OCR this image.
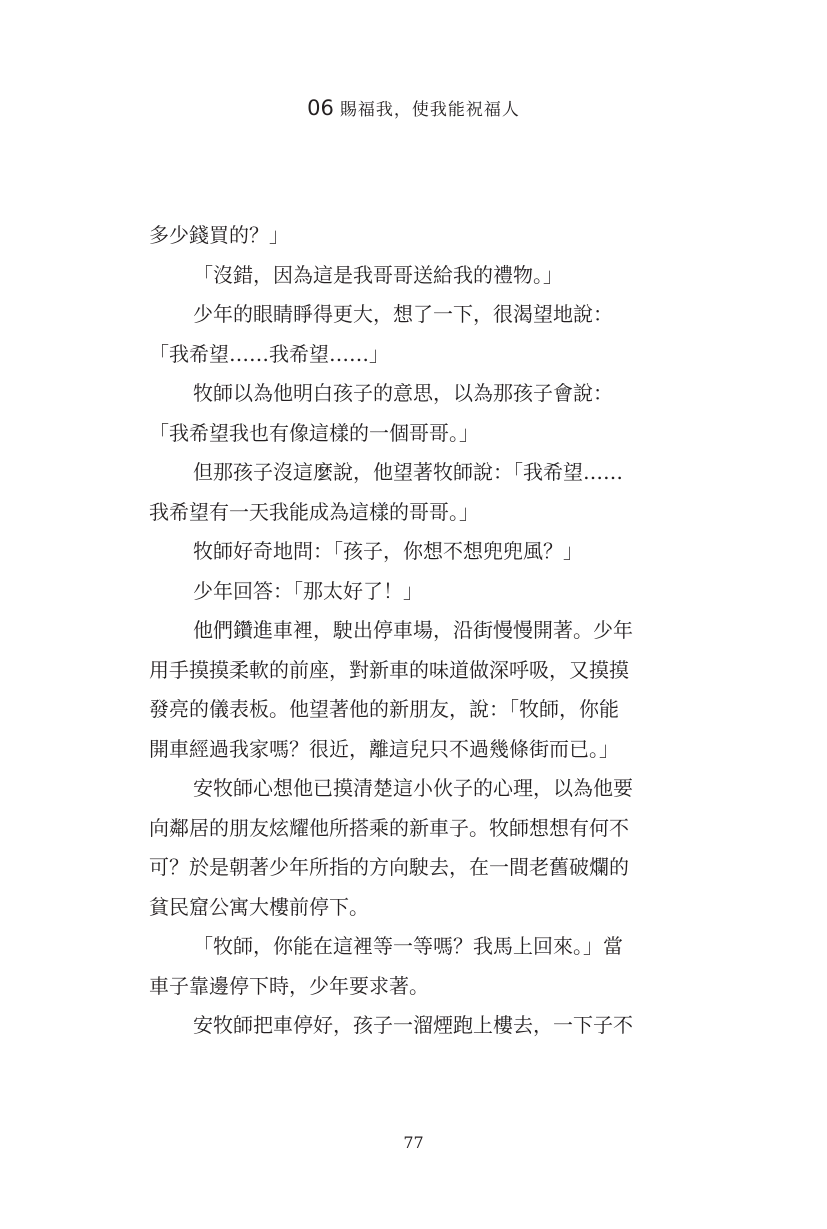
06 賜福我，使我能祝福人
多少錢買的？」
「沒錯，因為這是我哥哥送給我的禮物。」
少年的眼睛睜得更大，想了一下，很渴望地說：
「我希望……我希望……」
牧師以為他明白孩子的意思，以為那孩子會說：
「我希望我也有像這樣的一個哥哥。」
但那孩子沒這麼說，他望著牧師說：「我希望……
我希望有一天我能成為這樣的哥哥。」
牧師好奇地問：「孩子，你想不想兜兜風？」
少年回答：「那太好了！」
他們鑽進車裡，駛出停車場，沿街慢慢開著。少年
用手摸摸柔軟的前座，對新車的味道做深呼吸，又摸摸
發亮的儀表板。他望著他的新朋友，說：「牧師，你能
開車經過我家嗎？很近，離這兒只不過幾條街而已。」
安牧師心想他已摸清楚這小伙子的心理，以為他要
向鄰居的朋友炫耀他所搭乘的新車子。牧師想想有何不
可？於是朝著少年所指的方向駛去，在一間老舊破爛的
貧民窟公寓大樓前停下。
「牧師，你能在這裡等一等嗎？我馬上回來。」當
車子靠邊停下時，少年要求著。
安牧師把車停好，孩子一溜煙跑上樓去，一下子不
77
